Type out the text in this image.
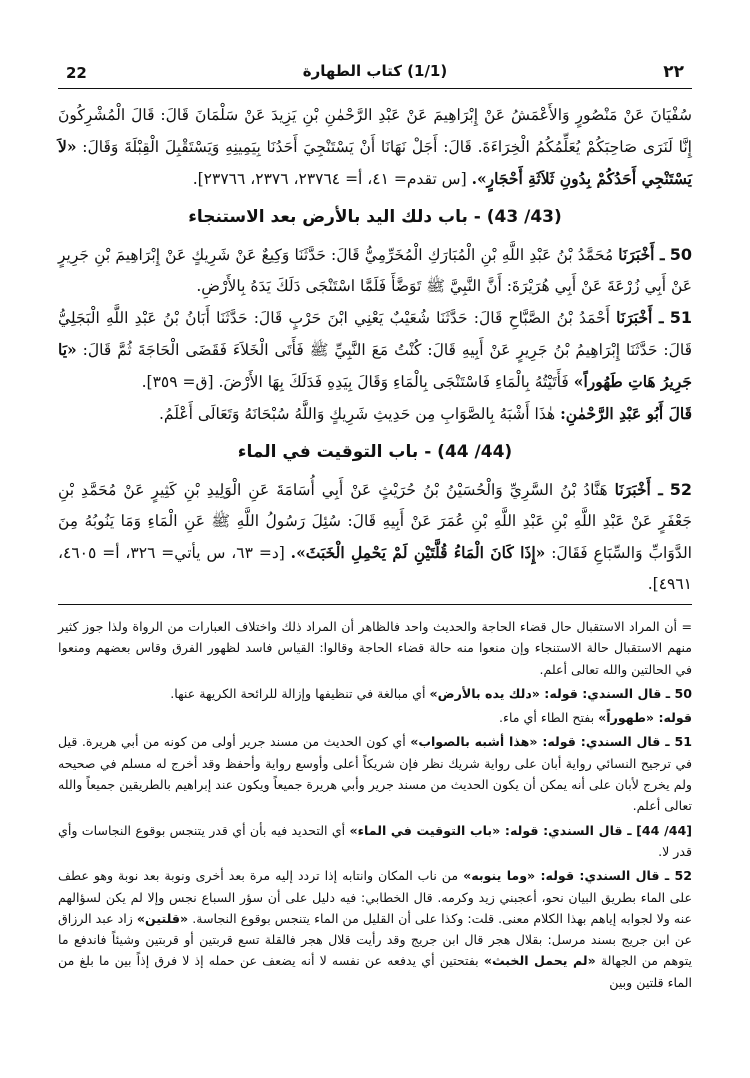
22	(1/1) كتاب الطهارة	٢٢

سُفْيَانَ عَنْ مَنْصُورٍ وَالأَعْمَشُ عَنْ إِبْرَاهِيمَ عَنْ عَبْدِ الرَّحْمٰنِ بْنِ يَزِيدَ عَنْ سَلْمَانَ قَالَ: قَالَ الْمُشْرِكُونَ إِنَّا لَنَرَى صَاحِبَكُمْ يُعَلِّمُكُمُ الْخِرَاءَةَ. قَالَ: أَجَلْ نَهَانَا أَنْ يَسْتَنْجِيَ أَحَدُنَا بِيَمِينِهِ وَيَسْتَقْبِلَ الْقِبْلَةَ وَقَالَ: «لاَ يَسْتَنْجِي أَحَدُكُمْ بِدُونِ ثَلاَثَةِ أَحْجَارٍ». [س تقدم= ٤١، أ= ٢٣٧٦٤، ٢٣٧٦، ٢٣٧٦٦].

(43/ 43) - باب دلك اليد بالأرض بعد الاستنجاء

50 ـ أَخْبَرَنَا مُحَمَّدُ بْنُ عَبْدِ اللَّهِ بْنِ الْمُبَارَكِ الْمُخَرِّمِيُّ قَالَ: حَدَّثَنَا وَكِيعٌ عَنْ شَرِيكٍ عَنْ إِبْرَاهِيمَ بْنِ جَرِيرٍ عَنْ أَبِي زُرْعَةَ عَنْ أَبِي هُرَيْرَةَ: أَنَّ النَّبِيَّ ﷺ تَوَضَّأَ فَلَمَّا اسْتَنْجَى دَلَكَ يَدَهُ بِالأَرْضِ.

51 ـ أَخْبَرَنَا أَحْمَدُ بْنُ الصَّبَّاحِ قَالَ: حَدَّثَنَا شُعَيْبٌ يَعْنِي ابْنَ حَرْبٍ قَالَ: حَدَّثَنَا أَبَانُ بْنُ عَبْدِ اللَّهِ الْبَجَلِيُّ قَالَ: حَدَّثَنَا إِبْرَاهِيمُ بْنُ جَرِيرٍ عَنْ أَبِيهِ قَالَ: كُنْتُ مَعَ النَّبِيِّ ﷺ فَأَتَى الْخَلاَءَ فَقَضَى الْحَاجَةَ ثُمَّ قَالَ: «يَا جَرِيرُ هَاتِ طَهُوراً» فَأَتَيْتُهُ بِالْمَاءِ فَاسْتَنْجَى بِالْمَاءِ وَقَالَ بِيَدِهِ فَدَلَكَ بِهَا الأَرْضَ. [ق= ٣٥٩].

قَالَ أَبُو عَبْدِ الرَّحْمٰنِ: هٰذَا أَشْبَهُ بِالصَّوَابِ مِن حَدِيثِ شَرِيكٍ وَاللَّهُ سُبْحَانَهُ وَتَعَالَى أَعْلَمُ.

(44/ 44) - باب التوقيت في الماء

52 ـ أَخْبَرَنَا هَنَّادُ بْنُ السَّرِيِّ وَالْحُسَيْنُ بْنُ حُرَيْثٍ عَنْ أَبِي أُسَامَةَ عَنِ الْوَلِيدِ بْنِ كَثِيرٍ عَنْ مُحَمَّدِ بْنِ جَعْفَرٍ عَنْ عَبْدِ اللَّهِ بْنِ عَبْدِ اللَّهِ بْنِ عُمَرَ عَنْ أَبِيهِ قَالَ: سُئِلَ رَسُولُ اللَّهِ ﷺ عَنِ الْمَاءِ وَمَا يَنُوبُهُ مِنَ الدَّوَابِّ وَالسِّبَاعِ فَقَالَ: «إِذَا كَانَ الْمَاءُ قُلَّتَيْنِ لَمْ يَحْمِلِ الْخَبَثَ». [د= ٦٣، س يأتي= ٣٢٦، أ= ٤٦٠٥، ٤٩٦١].

= أن المراد الاستقبال حال قضاء الحاجة والحديث واحد فالظاهر أن المراد ذلك واختلاف العبارات من الرواة ولذا جوز كثير منهم الاستقبال حالة الاستنجاء وإن منعوا منه حالة قضاء الحاجة وقالوا: القياس فاسد لظهور الفرق وقاس بعضهم ومنعوا في الحالتين والله تعالى أعلم.

50 ـ قال السندي: قوله: «دلك يده بالأرض» أي مبالغة في تنظيفها وإزالة للرائحة الكريهة عنها.

قوله: «طهوراً» بفتح الطاء أي ماء.

51 ـ قال السندي: قوله: «هذا أشبه بالصواب» أي كون الحديث من مسند جرير أولى من كونه من أبي هريرة. قيل في ترجيح النسائي رواية أبان على رواية شريك نظر فإن شريكاً أعلى وأوسع رواية وأحفظ وقد أخرج له مسلم في صحيحه ولم يخرج لأبان على أنه يمكن أن يكون الحديث من مسند جرير وأبي هريرة جميعاً ويكون عند إبراهيم بالطريقين جميعاً والله تعالى أعلم.

[44/ 44] ـ قال السندي: قوله: «باب التوقيت في الماء» أي التحديد فيه بأن أي قدر يتنجس بوقوع النجاسات وأي قدر لا.

52 ـ قال السندي: قوله: «وما ينوبه» من ناب المكان وانتابه إذا تردد إليه مرة بعد أخرى ونوبة بعد نوبة وهو عطف على الماء بطريق البيان نحو، أعجبني زيد وكرمه. قال الخطابي: فيه دليل على أن سؤر السباع نجس وإلا لم يكن لسؤالهم عنه ولا لجوابه إياهم بهذا الكلام معنى. قلت: وكذا على أن القليل من الماء يتنجس بوقوع النجاسة. «قلتين» زاد عبد الرزاق عن ابن جريج بسند مرسل: بقلال هجر قال ابن جريج وقد رأيت قلال هجر فالقلة تسع قربتين أو قربتين وشيئاً فاندفع ما يتوهم من الجهالة «لم يحمل الخبث» بفتحتين أي يدفعه عن نفسه لا أنه يضعف عن حمله إذ لا فرق إذاً بين ما بلغ من الماء قلتين وبين
